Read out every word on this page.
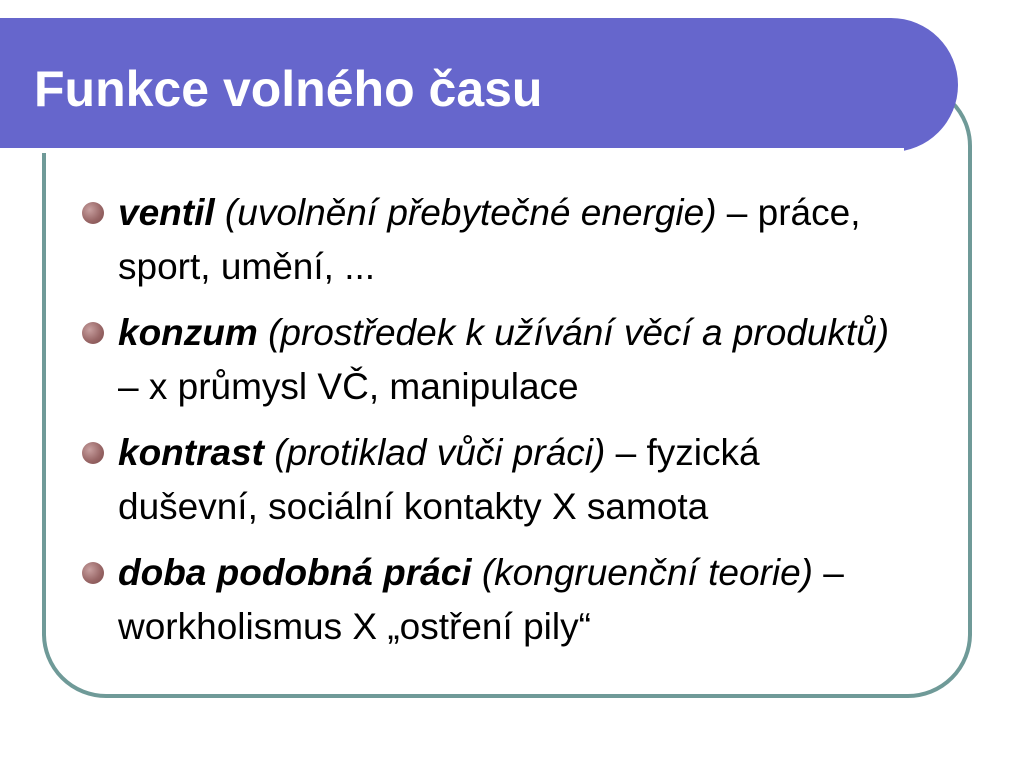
Funkce volného času
ventil (uvolnění přebytečné energie) – práce, sport, umění, ...
konzum (prostředek k užívání věcí a produktů) – x průmysl VČ, manipulace
kontrast (protiklad vůči práci) – fyzická duševní, sociální kontakty X samota
doba podobná práci (kongruenční teorie) – workholismus X „ostření pily“
